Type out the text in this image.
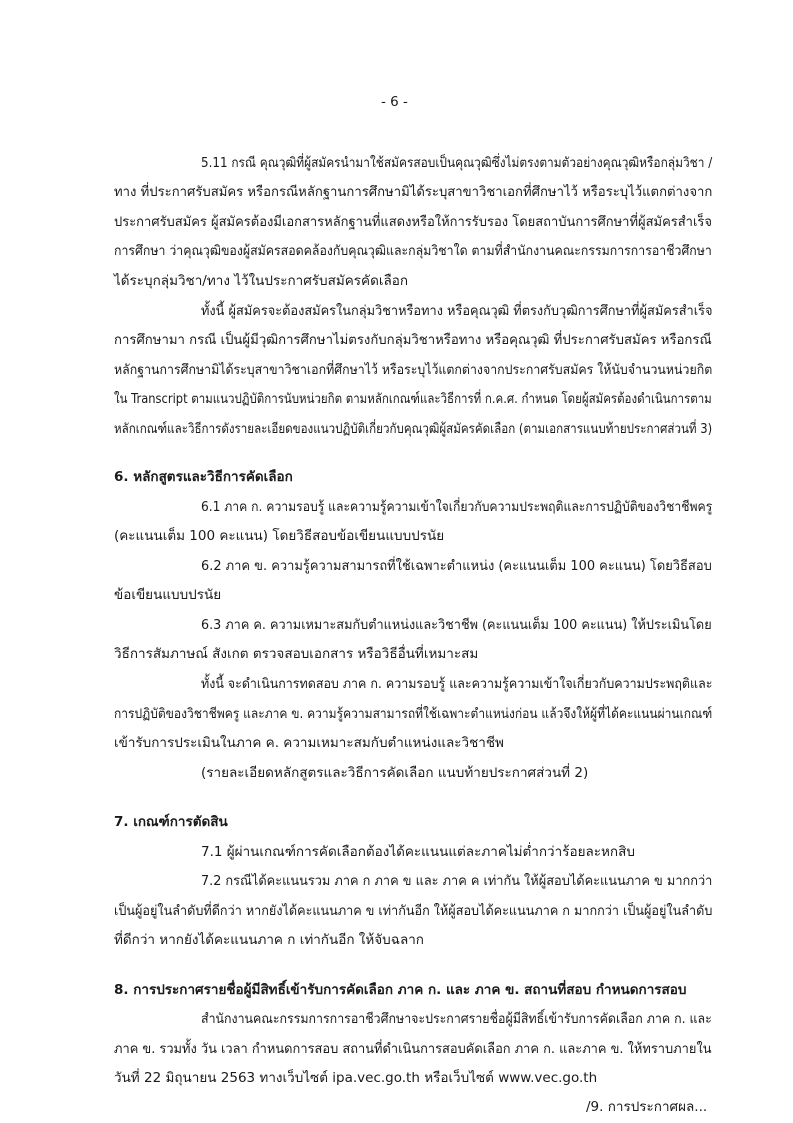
- 6 -
5.11 กรณี คุณวุฒิที่ผู้สมัครนำมาใช้สมัครสอบเป็นคุณวุฒิซึ่งไม่ตรงตามตัวอย่างคุณวุฒิหรือกลุ่มวิชา /
ทาง ที่ประกาศรับสมัคร หรือกรณีหลักฐานการศึกษามิได้ระบุสาขาวิชาเอกที่ศึกษาไว้ หรือระบุไว้แตกต่างจาก
ประกาศรับสมัคร ผู้สมัครต้องมีเอกสารหลักฐานที่แสดงหรือให้การรับรอง โดยสถาบันการศึกษาที่ผู้สมัครสำเร็จ
การศึกษา ว่าคุณวุฒิของผู้สมัครสอดคล้องกับคุณวุฒิและกลุ่มวิชาใด ตามที่สำนักงานคณะกรรมการการอาชีวศึกษา
ได้ระบุกลุ่มวิชา/ทาง ไว้ในประกาศรับสมัครคัดเลือก
ทั้งนี้ ผู้สมัครจะต้องสมัครในกลุ่มวิชาหรือทาง หรือคุณวุฒิ ที่ตรงกับวุฒิการศึกษาที่ผู้สมัครสำเร็จ
การศึกษามา กรณี เป็นผู้มีวุฒิการศึกษาไม่ตรงกับกลุ่มวิชาหรือทาง หรือคุณวุฒิ ที่ประกาศรับสมัคร หรือกรณี
หลักฐานการศึกษามิได้ระบุสาขาวิชาเอกที่ศึกษาไว้ หรือระบุไว้แตกต่างจากประกาศรับสมัคร ให้นับจำนวนหน่วยกิต
ใน Transcript ตามแนวปฏิบัติการนับหน่วยกิต ตามหลักเกณฑ์และวิธีการที่ ก.ค.ศ. กำหนด โดยผู้สมัครต้องดำเนินการตาม
หลักเกณฑ์และวิธีการดังรายละเอียดของแนวปฏิบัติเกี่ยวกับคุณวุฒิผู้สมัครคัดเลือก (ตามเอกสารแนบท้ายประกาศส่วนที่ 3)
6. หลักสูตรและวิธีการคัดเลือก
6.1 ภาค ก. ความรอบรู้ และความรู้ความเข้าใจเกี่ยวกับความประพฤติและการปฏิบัติของวิชาชีพครู
(คะแนนเต็ม 100 คะแนน) โดยวิธีสอบข้อเขียนแบบปรนัย
6.2 ภาค ข. ความรู้ความสามารถที่ใช้เฉพาะตำแหน่ง (คะแนนเต็ม 100 คะแนน) โดยวิธีสอบ
ข้อเขียนแบบปรนัย
6.3 ภาค ค. ความเหมาะสมกับตำแหน่งและวิชาชีพ (คะแนนเต็ม 100 คะแนน) ให้ประเมินโดย
วิธีการสัมภาษณ์ สังเกต ตรวจสอบเอกสาร หรือวิธีอื่นที่เหมาะสม
ทั้งนี้ จะดำเนินการทดสอบ ภาค ก. ความรอบรู้ และความรู้ความเข้าใจเกี่ยวกับความประพฤติและ
การปฏิบัติของวิชาชีพครู และภาค ข. ความรู้ความสามารถที่ใช้เฉพาะตำแหน่งก่อน แล้วจึงให้ผู้ที่ได้คะแนนผ่านเกณฑ์
เข้ารับการประเมินในภาค ค. ความเหมาะสมกับตำแหน่งและวิชาชีพ
(รายละเอียดหลักสูตรและวิธีการคัดเลือก แนบท้ายประกาศส่วนที่ 2)
7. เกณฑ์การตัดสิน
7.1 ผู้ผ่านเกณฑ์การคัดเลือกต้องได้คะแนนแต่ละภาคไม่ต่ำกว่าร้อยละหกสิบ
7.2 กรณีได้คะแนนรวม ภาค ก ภาค ข และ ภาค ค เท่ากัน ให้ผู้สอบได้คะแนนภาค ข มากกว่า
เป็นผู้อยู่ในลำดับที่ดีกว่า หากยังได้คะแนนภาค ข เท่ากันอีก ให้ผู้สอบได้คะแนนภาค ก มากกว่า เป็นผู้อยู่ในลำดับ
ที่ดีกว่า หากยังได้คะแนนภาค ก เท่ากันอีก ให้จับฉลาก
8. การประกาศรายชื่อผู้มีสิทธิ์เข้ารับการคัดเลือก ภาค ก. และ ภาค ข. สถานที่สอบ กำหนดการสอบ
สำนักงานคณะกรรมการการอาชีวศึกษาจะประกาศรายชื่อผู้มีสิทธิ์เข้ารับการคัดเลือก ภาค ก. และ
ภาค ข. รวมทั้ง วัน เวลา กำหนดการสอบ สถานที่ดำเนินการสอบคัดเลือก ภาค ก. และภาค ข. ให้ทราบภายใน
วันที่ 22 มิถุนายน 2563 ทางเว็บไซต์ ipa.vec.go.th หรือเว็บไซต์ www.vec.go.th
/9. การประกาศผล...
